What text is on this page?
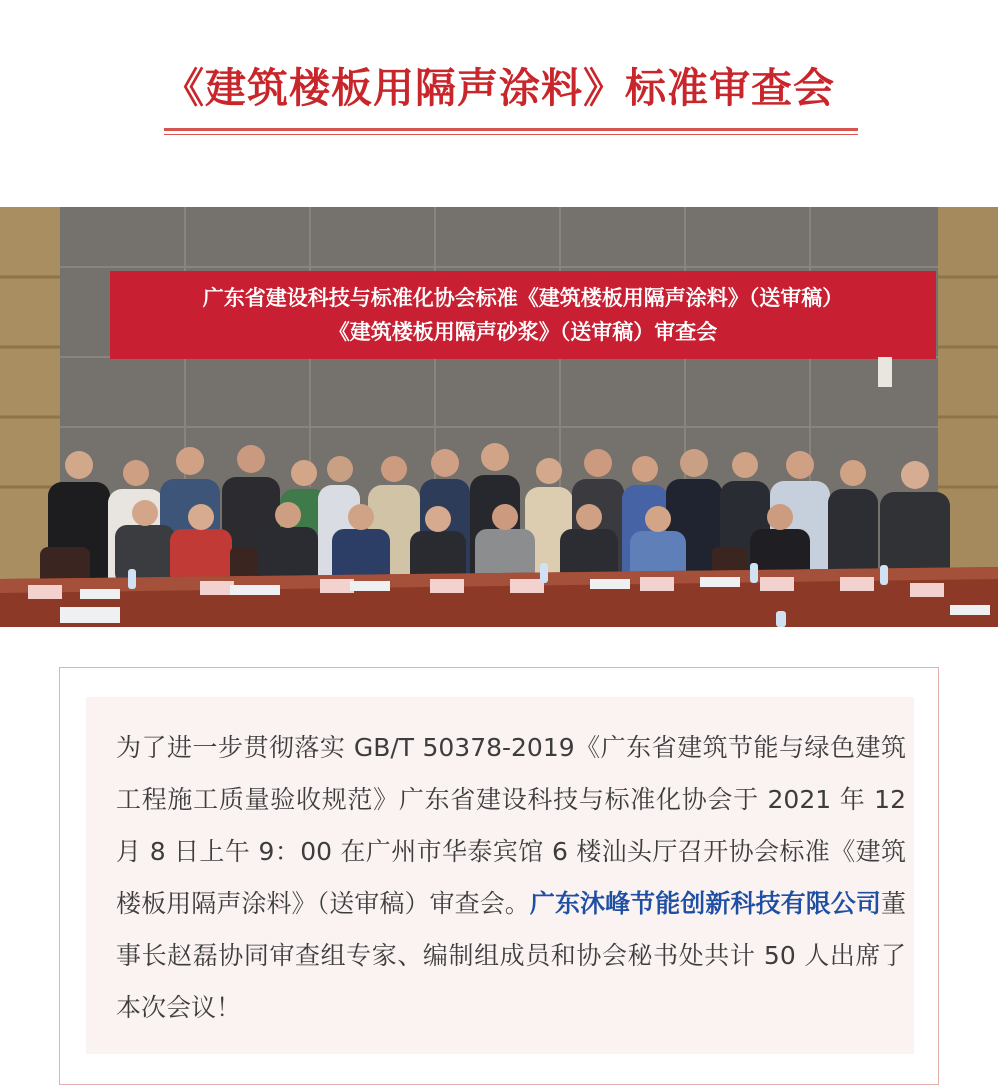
《建筑楼板用隔声涂料》标准审查会
广东省建设科技与标准化协会标准《建筑楼板用隔声涂料》（送审稿）
《建筑楼板用隔声砂浆》（送审稿）审查会

为了进一步贯彻落实 GB/T 50378-2019《广东省建筑节能与绿色建筑工程施工质量验收规范》广东省建设科技与标准化协会于 2021 年 12 月 8 日上午 9：00 在广州市华泰宾馆 6 楼汕头厅召开协会标准《建筑楼板用隔声涂料》（送审稿）审查会。广东沐峰节能创新科技有限公司董事长赵磊协同审查组专家、编制组成员和协会秘书处共计 50 人出席了本次会议！
